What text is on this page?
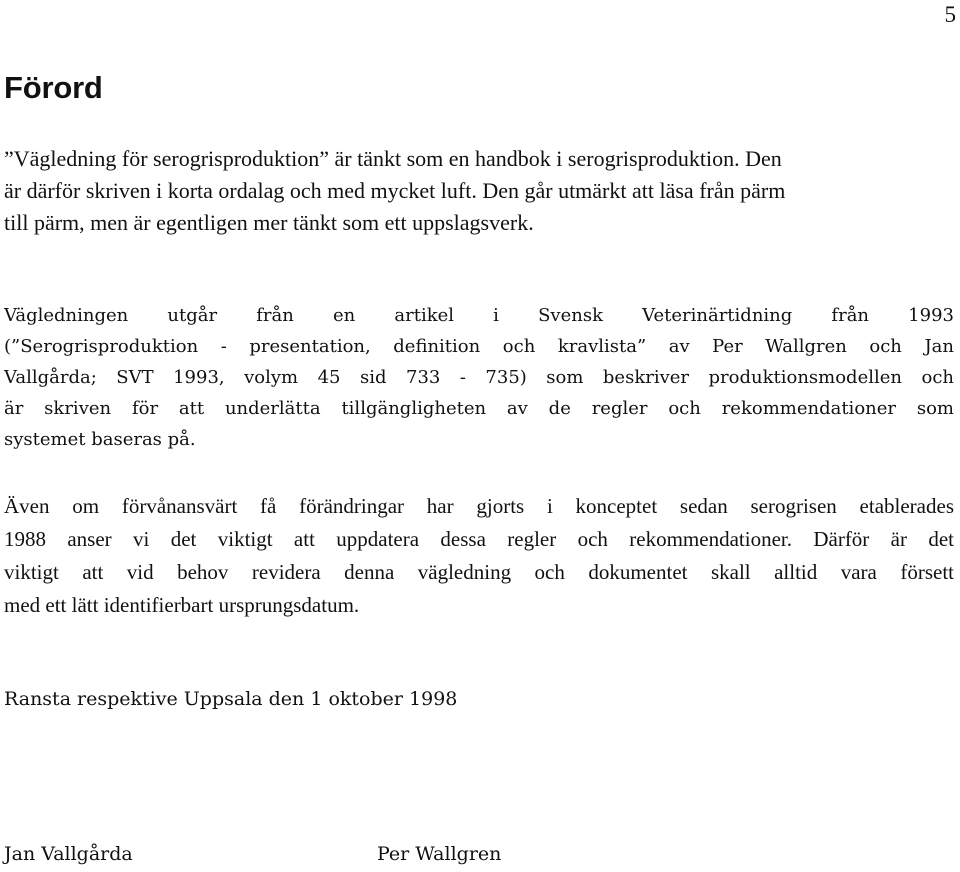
5
Förord
”Vägledning för serogrisproduktion” är tänkt som en handbok i serogrisproduktion. Den
är därför skriven i korta ordalag och med mycket luft. Den går utmärkt att läsa från pärm
till pärm, men är egentligen mer tänkt som ett uppslagsverk.
Vägledningen utgår från en artikel i Svensk Veterinärtidning från 1993
(”Serogrisproduktion - presentation, definition och kravlista” av Per Wallgren och Jan
Vallgårda; SVT 1993, volym 45 sid 733 - 735) som beskriver produktionsmodellen och
är skriven för att underlätta tillgängligheten av de regler och rekommendationer som
systemet baseras på.
Även om förvånansvärt få förändringar har gjorts i konceptet sedan serogrisen etablerades
1988 anser vi det viktigt att uppdatera dessa regler och rekommendationer. Därför är det
viktigt att vid behov revidera denna vägledning och dokumentet skall alltid vara försett
med ett lätt identifierbart ursprungsdatum.
Ransta respektive Uppsala den 1 oktober 1998
Jan Vallgårda	Per Wallgren
